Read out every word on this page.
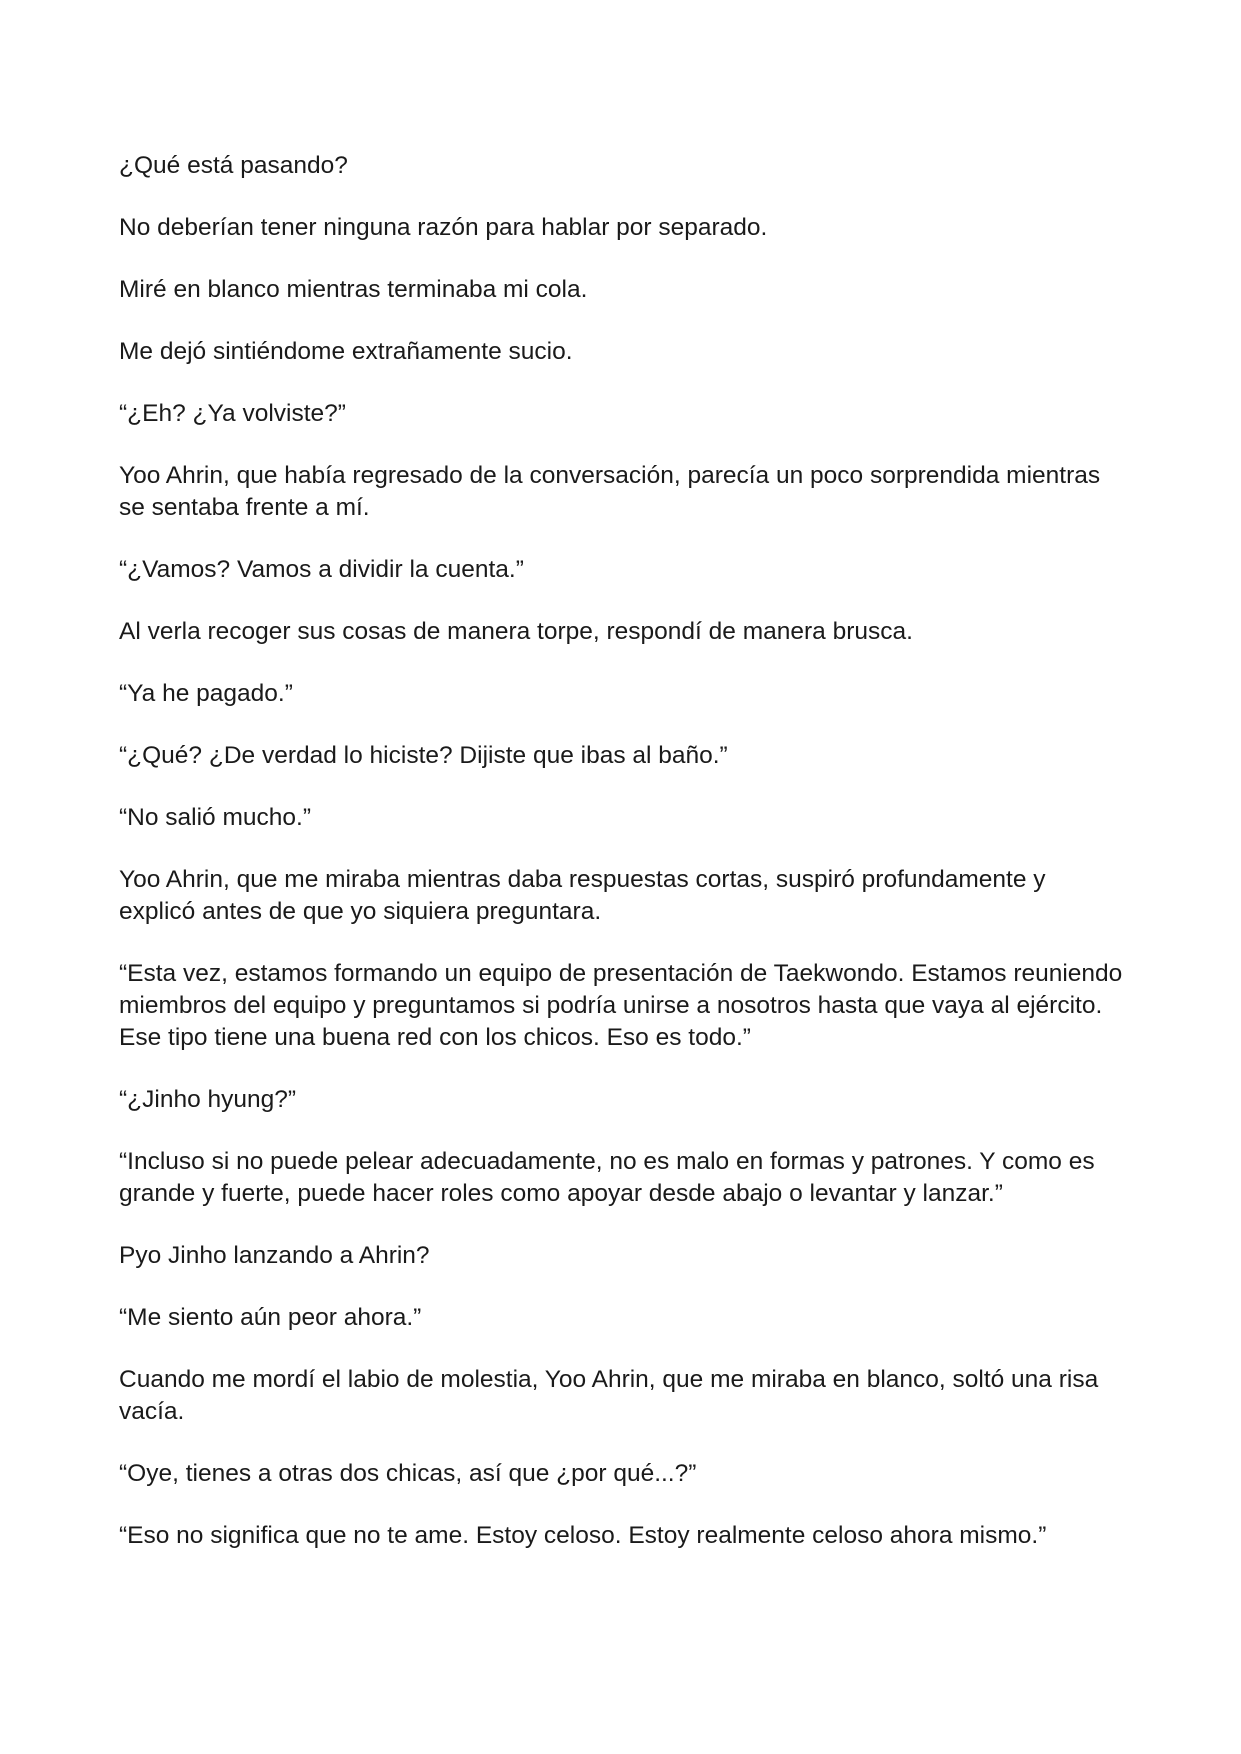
¿Qué está pasando?

No deberían tener ninguna razón para hablar por separado.

Miré en blanco mientras terminaba mi cola.

Me dejó sintiéndome extrañamente sucio.

“¿Eh? ¿Ya volviste?”

Yoo Ahrin, que había regresado de la conversación, parecía un poco sorprendida mientras se sentaba frente a mí.

“¿Vamos? Vamos a dividir la cuenta.”

Al verla recoger sus cosas de manera torpe, respondí de manera brusca.

“Ya he pagado.”

“¿Qué? ¿De verdad lo hiciste? Dijiste que ibas al baño.”

“No salió mucho.”

Yoo Ahrin, que me miraba mientras daba respuestas cortas, suspiró profundamente y explicó antes de que yo siquiera preguntara.

“Esta vez, estamos formando un equipo de presentación de Taekwondo. Estamos reuniendo miembros del equipo y preguntamos si podría unirse a nosotros hasta que vaya al ejército. Ese tipo tiene una buena red con los chicos. Eso es todo.”

“¿Jinho hyung?”

“Incluso si no puede pelear adecuadamente, no es malo en formas y patrones. Y como es grande y fuerte, puede hacer roles como apoyar desde abajo o levantar y lanzar.”

Pyo Jinho lanzando a Ahrin?

“Me siento aún peor ahora.”

Cuando me mordí el labio de molestia, Yoo Ahrin, que me miraba en blanco, soltó una risa vacía.

“Oye, tienes a otras dos chicas, así que ¿por qué...?”

“Eso no significa que no te ame. Estoy celoso. Estoy realmente celoso ahora mismo.”
